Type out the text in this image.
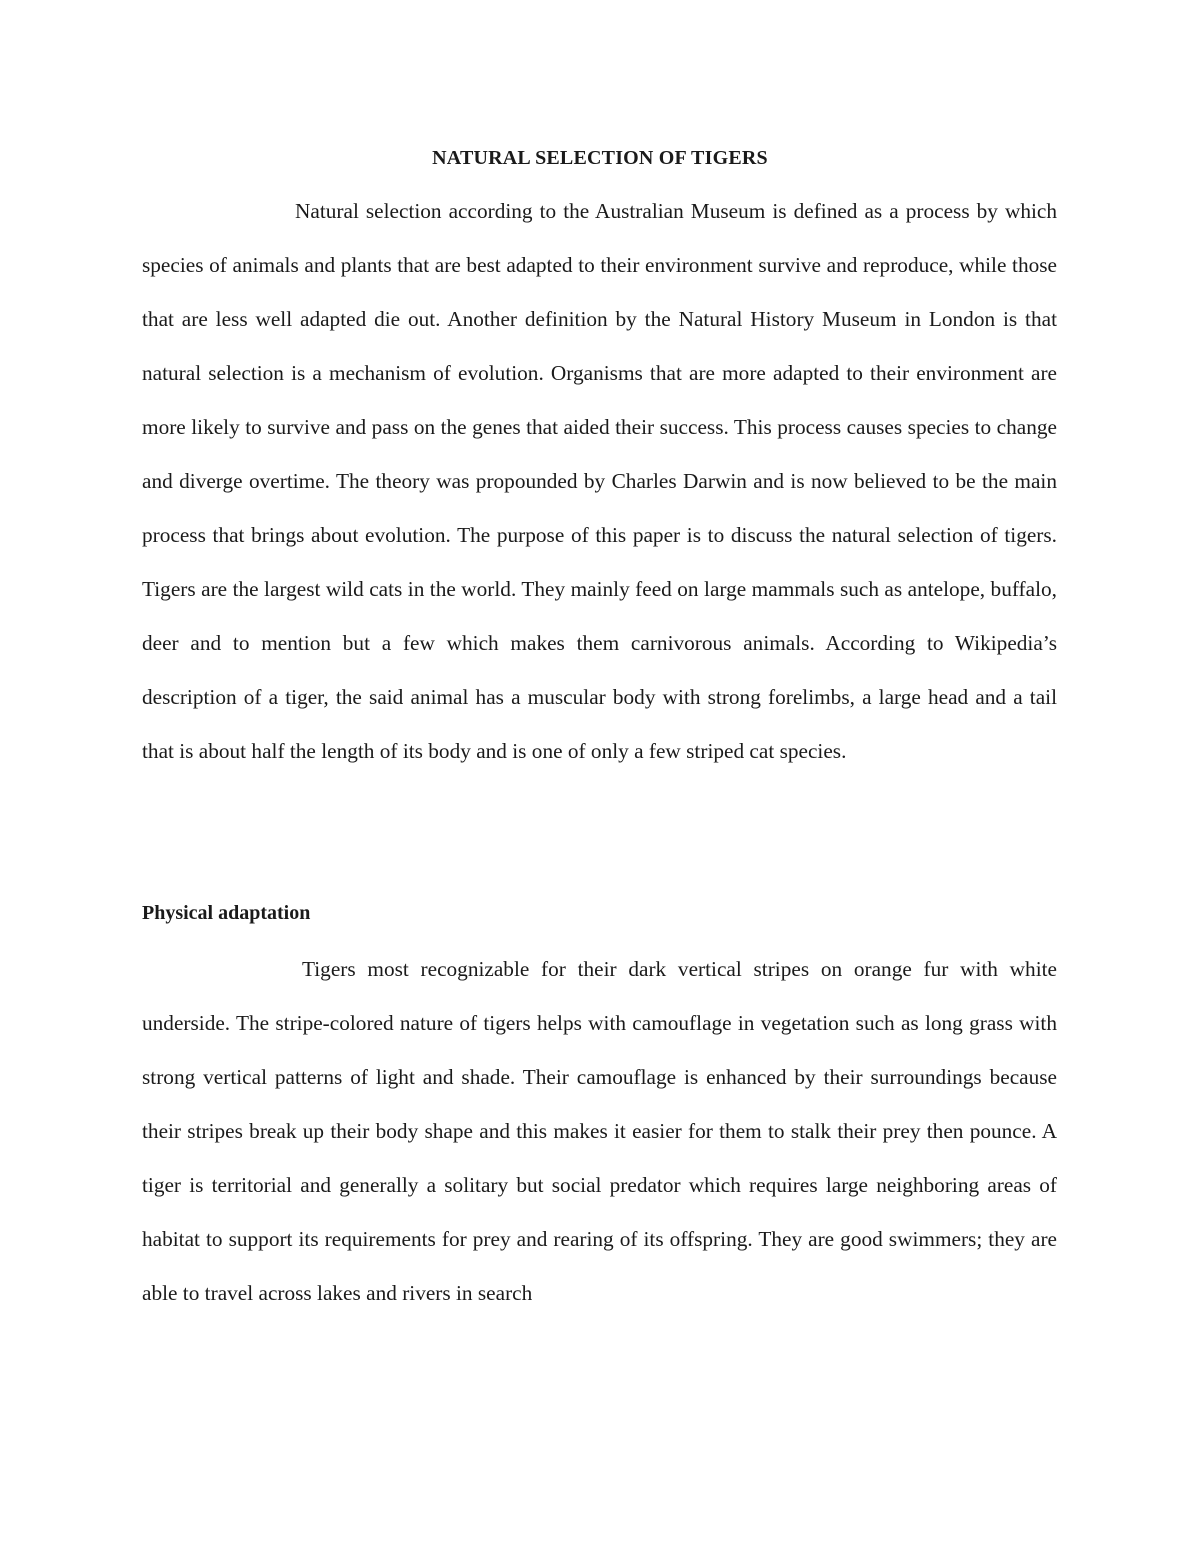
NATURAL SELECTION OF TIGERS

Natural selection according to the Australian Museum is defined as a process by which species of animals and plants that are best adapted to their environment survive and reproduce, while those that are less well adapted die out. Another definition by the Natural History Museum in London is that natural selection is a mechanism of evolution. Organisms that are more adapted to their environment are more likely to survive and pass on the genes that aided their success. This process causes species to change and diverge overtime. The theory was propounded by Charles Darwin and is now believed to be the main process that brings about evolution. The purpose of this paper is to discuss the natural selection of tigers. Tigers are the largest wild cats in the world. They mainly feed on large mammals such as antelope, buffalo, deer and to mention but a few which makes them carnivorous animals. According to Wikipedia’s description of a tiger, the said animal has a muscular body with strong forelimbs, a large head and a tail that is about half the length of its body and is one of only a few striped cat species.

Physical adaptation

Tigers most recognizable for their dark vertical stripes on orange fur with white underside. The stripe-colored nature of tigers helps with camouflage in vegetation such as long grass with strong vertical patterns of light and shade. Their camouflage is enhanced by their surroundings because their stripes break up their body shape and this makes it easier for them to stalk their prey then pounce. A tiger is territorial and generally a solitary but social predator which requires large neighboring areas of habitat to support its requirements for prey and rearing of its offspring. They are good swimmers; they are able to travel across lakes and rivers in search
